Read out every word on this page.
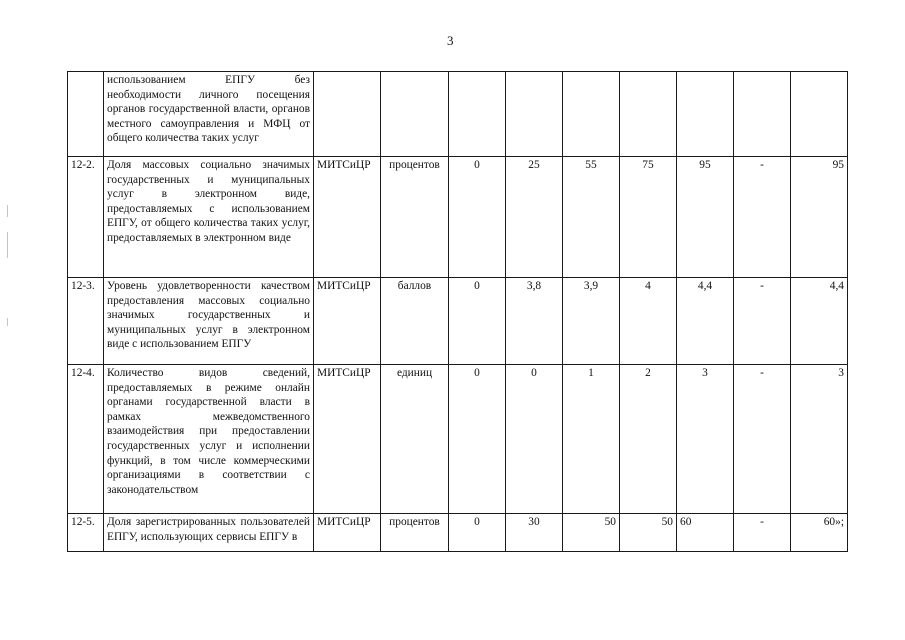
3
	использованием ЕПГУ без необходимости личного посещения органов государственной власти, органов местного самоуправления и МФЦ от общего количества таких услуг									
12-2.	Доля массовых социально значимых государственных и муниципальных услуг в электронном виде, предоставляемых с использованием ЕПГУ, от общего количества таких услуг, предоставляемых в электронном виде	МИТСиЦР	процентов	0	25	55	75	95	-	95
12-3.	Уровень удовлетворенности качеством предоставления массовых социально значимых государственных и муниципальных услуг в электронном виде с использованием ЕПГУ	МИТСиЦР	баллов	0	3,8	3,9	4	4,4	-	4,4
12-4.	Количество видов сведений, предоставляемых в режиме онлайн органами государственной власти в рамках межведомственного взаимодействия при предоставлении государственных услуг и исполнении функций, в том числе коммерческими организациями в соответствии с законодательством	МИТСиЦР	единиц	0	0	1	2	3	-	3
12-5.	Доля зарегистрированных пользователей ЕПГУ, использующих сервисы ЕПГУ в	МИТСиЦР	процентов	0	30	50	50	60	-	60»;
